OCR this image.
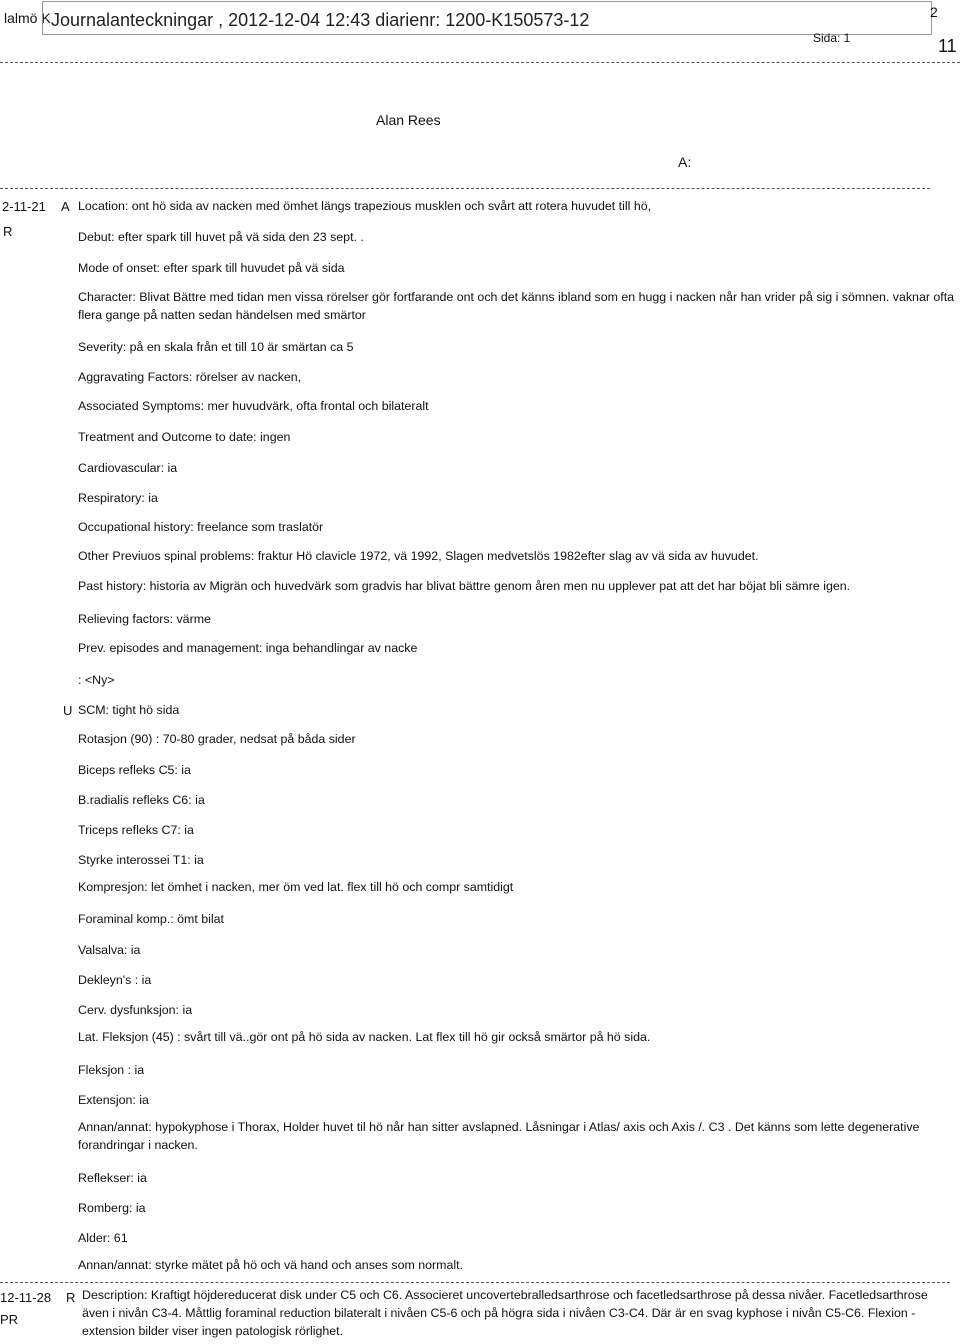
lalmö K Journalanteckningar , 2012-12-04 12:43 diarienr: 1200-K150573-12	2
Sida: 1	11
Alan Rees
A:
2-11-21 A
R
Location: ont hö sida av nacken med ömhet längs trapezious musklen och svårt att rotera huvudet till hö,
Debut: efter spark till huvet på vä sida den 23 sept. .
Mode of onset: efter spark till huvudet på vä sida
Character: Blivat Bättre med tidan men vissa rörelser gör fortfarande ont och det känns ibland som en hugg i nacken når han vrider på sig i sömnen. vaknar ofta flera gange på natten sedan händelsen med smärtor
Severity: på en skala från et till 10 är smärtan ca 5
Aggravating Factors: rörelser av nacken,
Associated Symptoms: mer huvudvärk, ofta frontal och bilateralt
Treatment and Outcome to date: ingen
Cardiovascular: ia
Respiratory: ia
Occupational history: freelance som traslatör
Other Previuos spinal problems: fraktur Hö clavicle 1972, vä 1992, Slagen medvetslös 1982efter slag av vä sida av huvudet.
Past history: historia av Migrän och huvedvärk som gradvis har blivat bättre genom åren men nu upplever pat att det har böjat bli sämre igen.
Relieving factors: värme
Prev. episodes and management: inga behandlingar av nacke
: <Ny>
U SCM: tight hö sida
Rotasjon (90) : 70-80 grader, nedsat på båda sider
Biceps refleks C5: ia
B.radialis refleks C6: ia
Triceps refleks C7: ia
Styrke interossei T1: ia
Kompresjon: let ömhet i nacken, mer öm ved lat. flex till hö och compr samtidigt
Foraminal komp.: ömt bilat
Valsalva: ia
Dekleyn's : ia
Cerv. dysfunksjon: ia
Lat. Fleksjon (45) : svårt till vä..gör ont på hö sida av nacken. Lat flex till hö gir också smärtor på hö sida.
Fleksjon : ia
Extensjon: ia
Annan/annat: hypokyphose i Thorax, Holder huvet til hö når han sitter avslapned. Låsningar i Atlas/ axis och Axis /. C3 . Det känns som lette degenerative forandringar i nacken.
Reflekser: ia
Romberg: ia
Alder: 61
Annan/annat: styrke mätet på hö och vä hand och anses som normalt.
12-11-28 R
PR
Description: Kraftigt höjdereducerat disk under C5 och C6. Associeret uncovertebralledsarthrose och facetledsarthrose på dessa nivåer. Facetledsarthrose även i nivån C3-4. Måttlig foraminal reduction bilateralt i nivåen C5-6 och på högra sida i nivåen C3-C4. Där är en svag kyphose i nivån C5-C6. Flexion -extension bilder viser ingen patologisk rörlighet.
